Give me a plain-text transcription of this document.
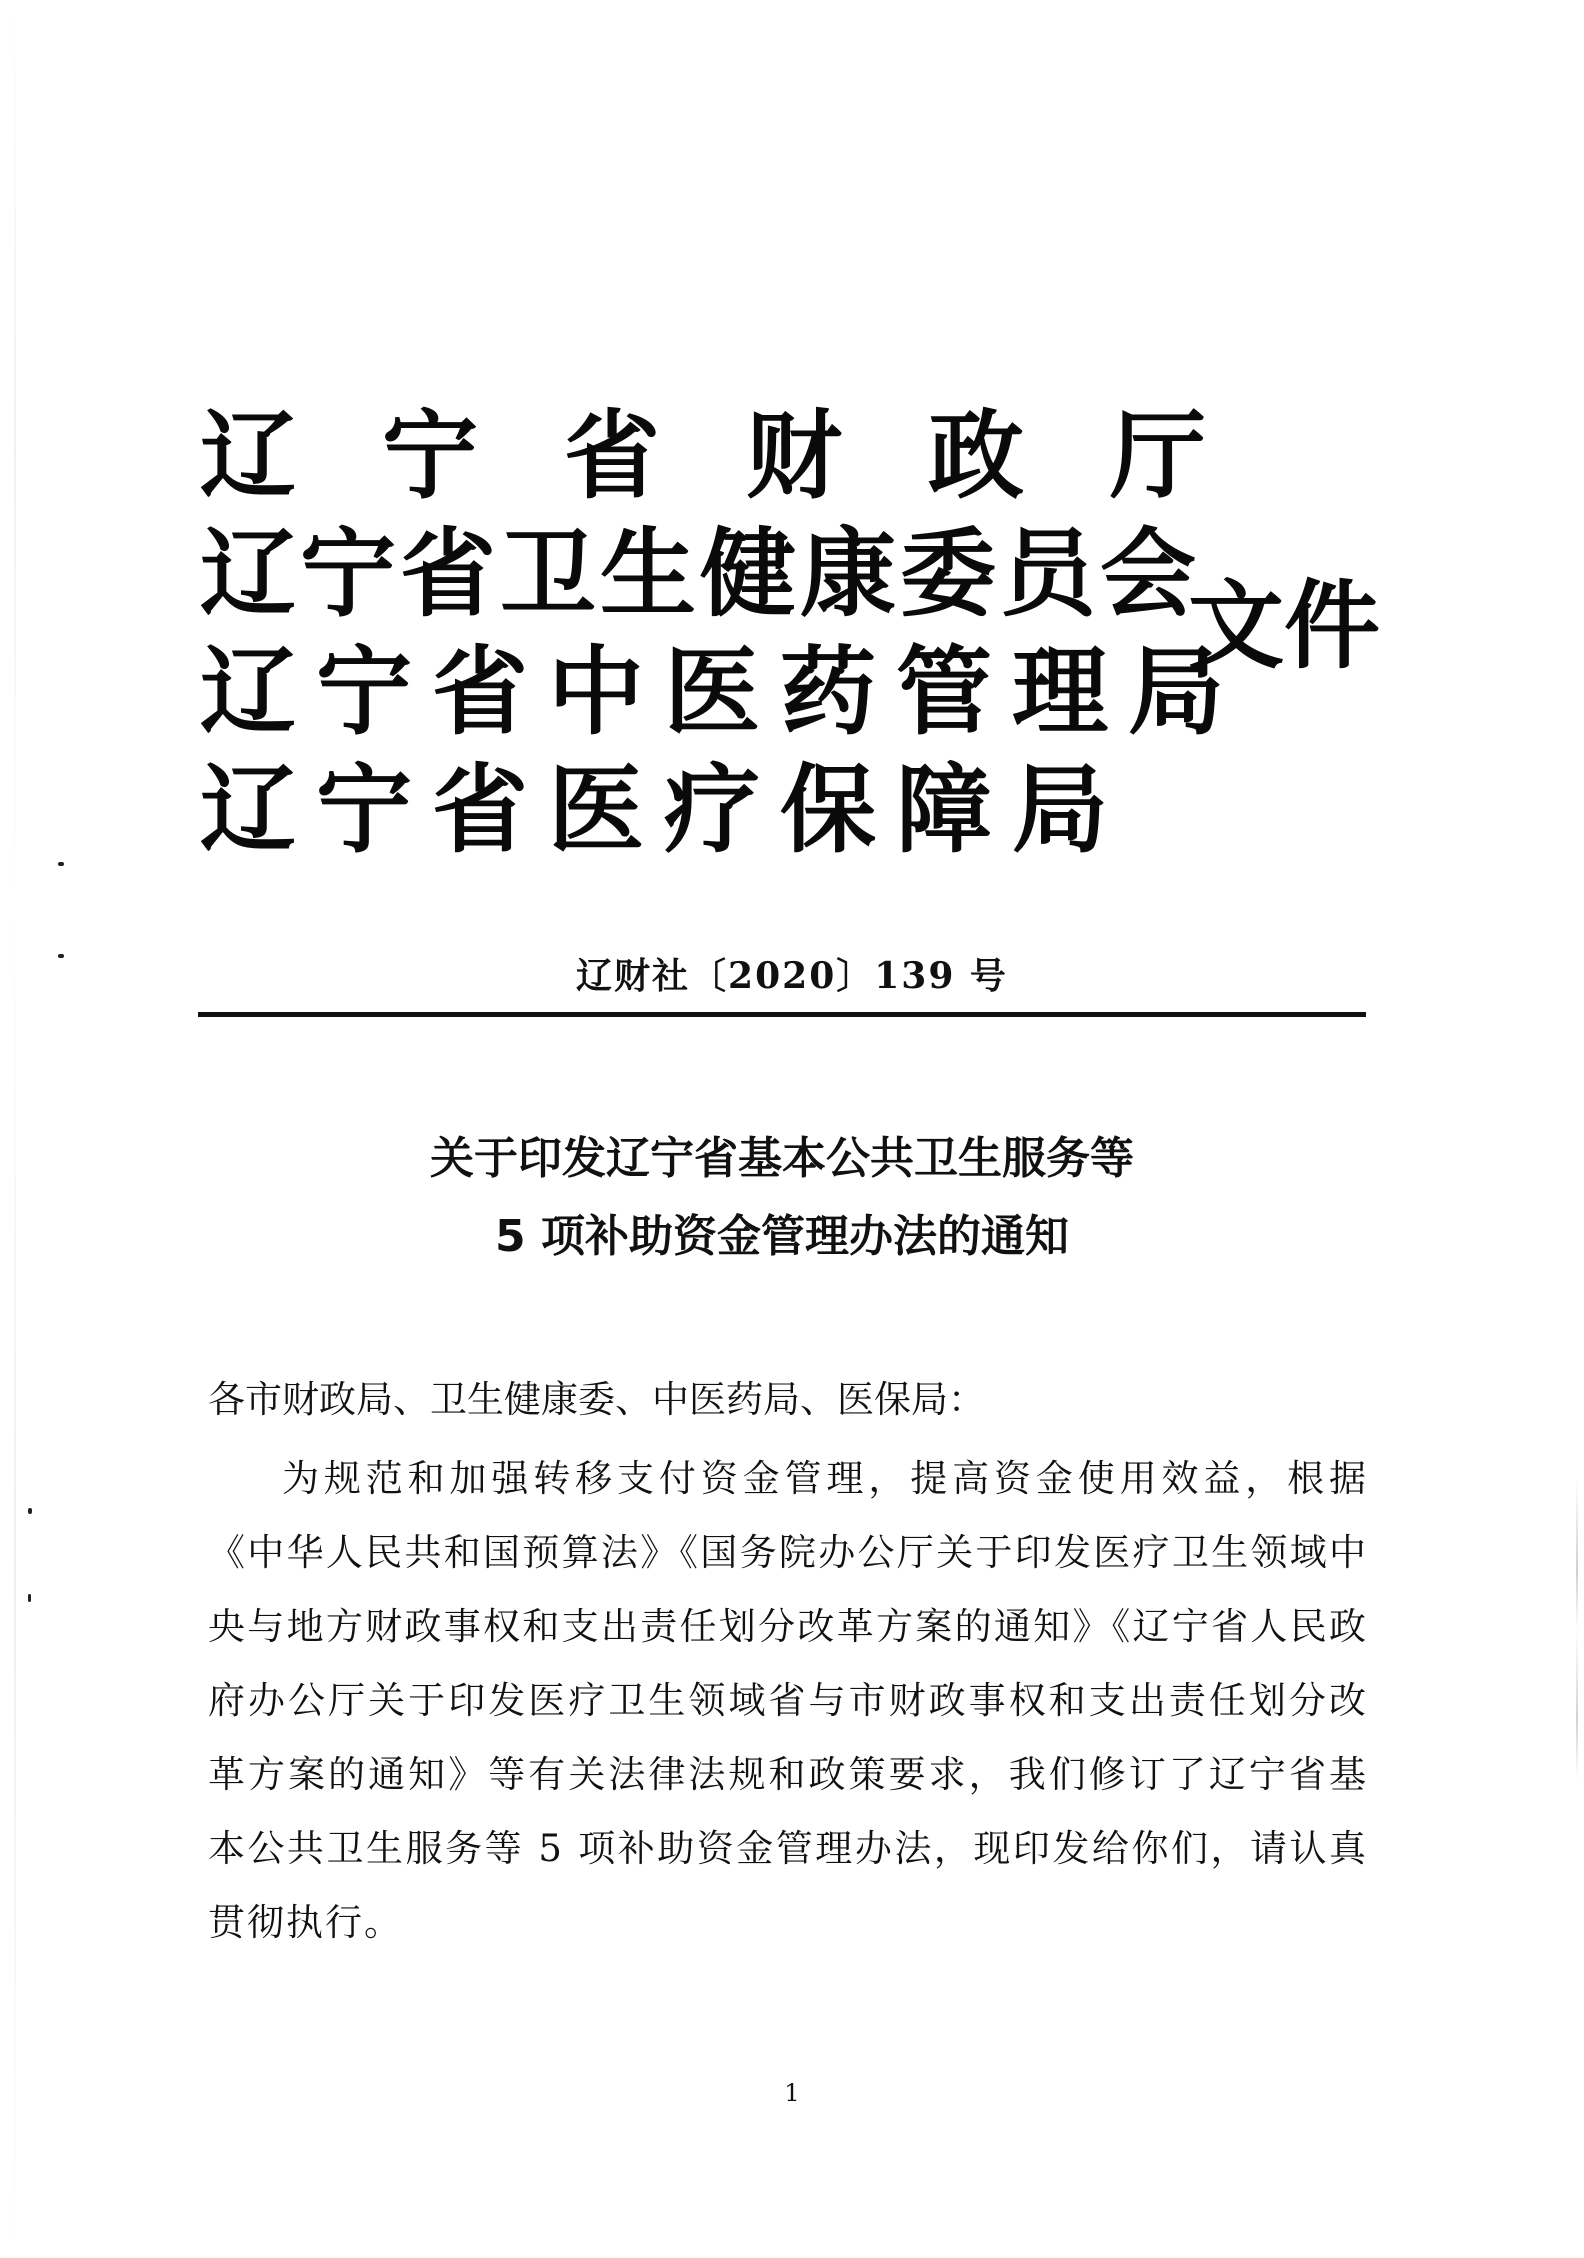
辽宁省财政厅
辽宁省卫生健康委员会
辽宁省中医药管理局
辽宁省医疗保障局
文件
辽财社〔2020〕139 号
关于印发辽宁省基本公共卫生服务等
5 项补助资金管理办法的通知
各市财政局、卫生健康委、中医药局、医保局：
为规范和加强转移支付资金管理，提高资金使用效益，根据《中华人民共和国预算法》《国务院办公厅关于印发医疗卫生领域中央与地方财政事权和支出责任划分改革方案的通知》《辽宁省人民政府办公厅关于印发医疗卫生领域省与市财政事权和支出责任划分改革方案的通知》等有关法律法规和政策要求，我们修订了辽宁省基本公共卫生服务等 5 项补助资金管理办法，现印发给你们，请认真贯彻执行。
1
